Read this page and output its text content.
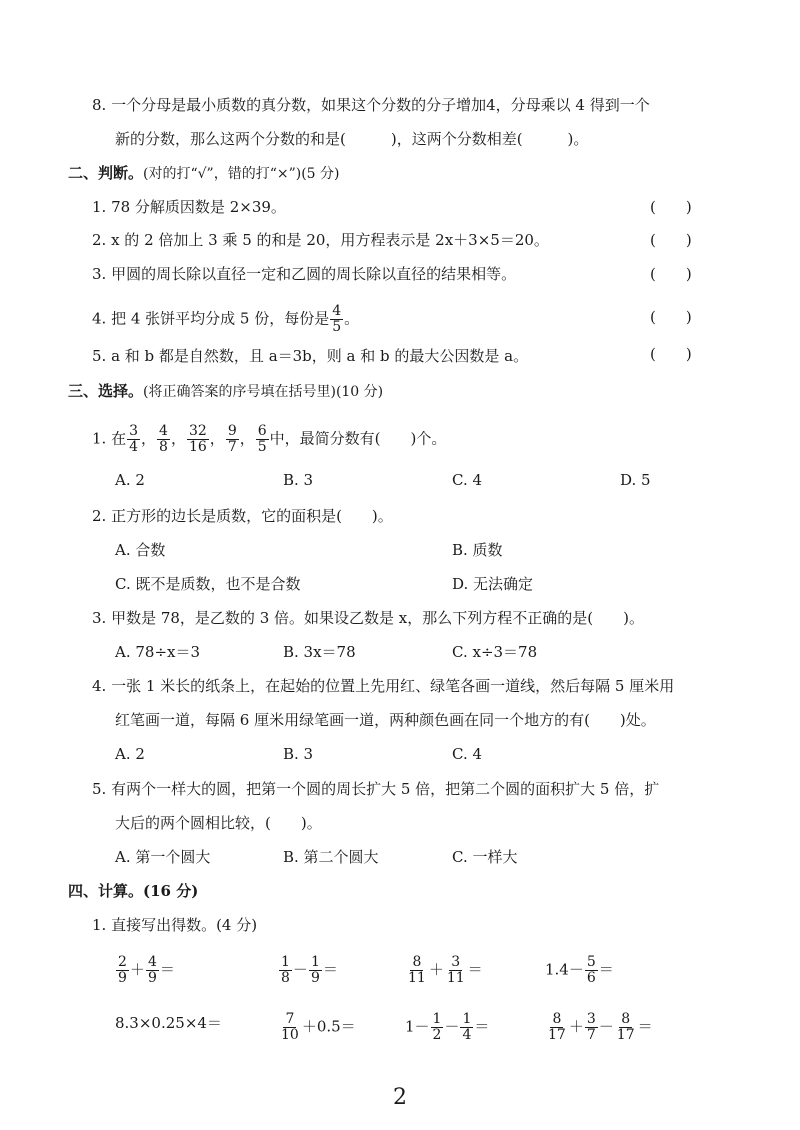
8. 一个分母是最小质数的真分数，如果这个分数的分子增加4，分母乘以 4 得到一个
新的分数，那么这两个分数的和是(　　　)，这两个分数相差(　　　)。
二、判断。(对的打“√”，错的打“×”)(5 分)
1. 78 分解质因数是 2×39。	(　　)
2. x 的 2 倍加上 3 乘 5 的和是 20，用方程表示是 2x＋3×5＝20。	(　　)
3. 甲圆的周长除以直径一定和乙圆的周长除以直径的结果相等。	(　　)
4. 把 4 张饼平均分成 5 份，每份是 $\frac{4}{5}$ 。	(　　)
5. a 和 b 都是自然数，且 a＝3b，则 a 和 b 的最大公因数是 a。	(　　)
三、选择。(将正确答案的序号填在括号里)(10 分)
1. 在 $\frac{3}{4}$ ， $\frac{4}{8}$ ， $\frac{32}{16}$ ， $\frac{9}{7}$ ， $\frac{6}{5}$ 中，最简分数有(　　)个。
A. 2	B. 3	C. 4	D. 5
2. 正方形的边长是质数，它的面积是(　　)。
A. 合数	B. 质数
C. 既不是质数，也不是合数	D. 无法确定
3. 甲数是 78，是乙数的 3 倍。如果设乙数是 x，那么下列方程不正确的是(　　)。
A. 78÷x＝3	B. 3x＝78	C. x÷3＝78
4. 一张 1 米长的纸条上，在起始的位置上先用红、绿笔各画一道线，然后每隔 5 厘米用
红笔画一道，每隔 6 厘米用绿笔画一道，两种颜色画在同一个地方的有(　　)处。
A. 2	B. 3	C. 4
5. 有两个一样大的圆，把第一个圆的周长扩大 5 倍，把第二个圆的面积扩大 5 倍，扩
大后的两个圆相比较，(　　)。
A. 第一个圆大	B. 第二个圆大	C. 一样大
四、计算。(16 分)
1. 直接写出得数。(4 分)
$\frac{2}{9} + \frac{4}{9}$ ＝	$\frac{1}{8} - \frac{1}{9}$ ＝	$\frac{8}{11} + \frac{3}{11}$ ＝	$1.4- \frac{5}{6}$ ＝
8.3×0.25×4＝	$\frac{7}{10} +0.5=$	$1- \frac{1}{2} - \frac{1}{4}$ ＝	$\frac{8}{17} + \frac{3}{7} - \frac{8}{17}$ ＝
2
